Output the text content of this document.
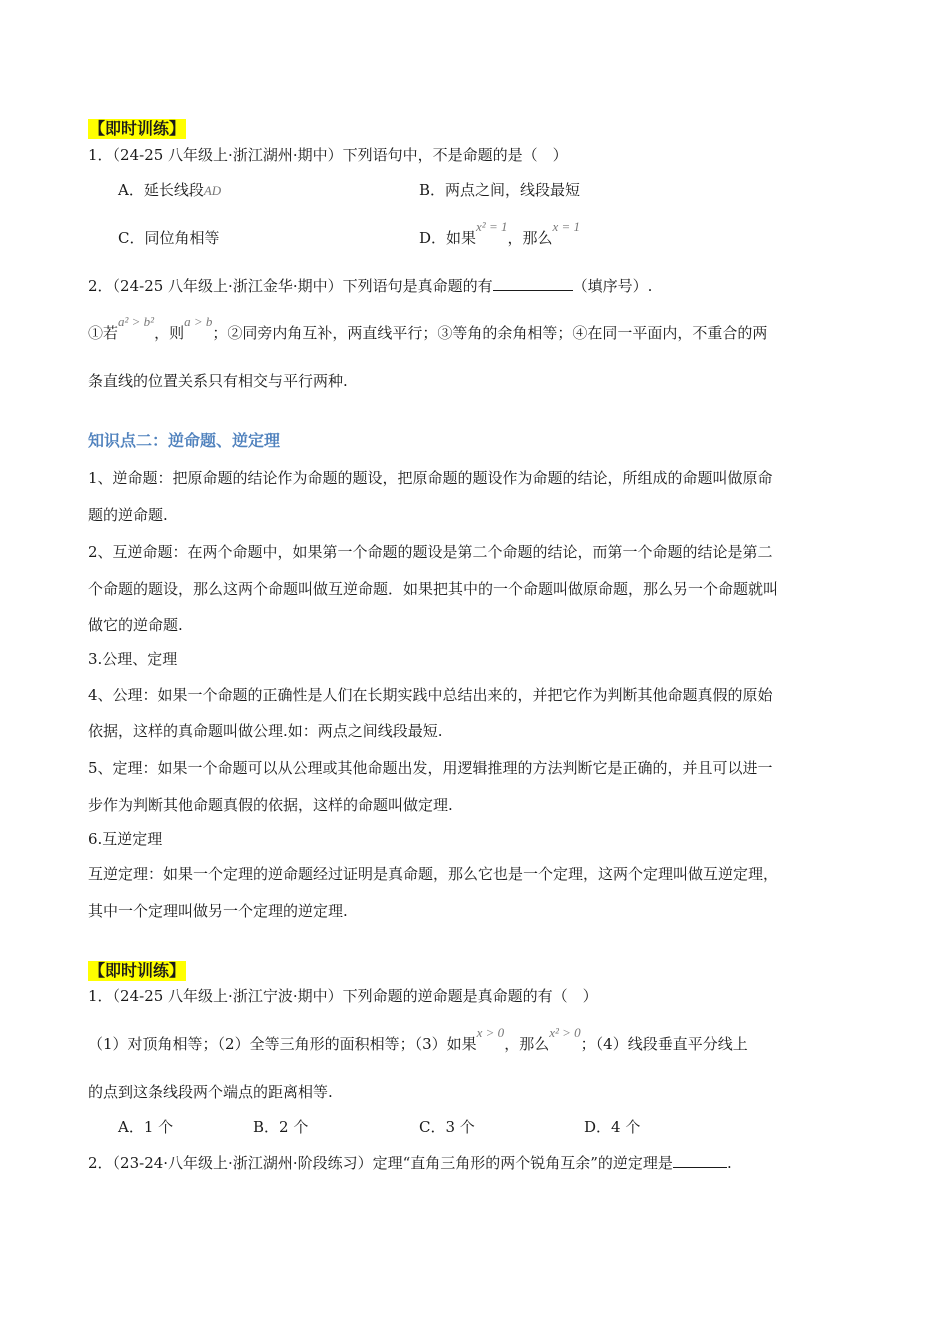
【即时训练】
1．（24-25 八年级上·浙江湖州·期中）下列语句中，不是命题的是（　）
A．延长线段AD	B．两点之间，线段最短
C．同位角相等	D．如果x² = 1，那么x = 1
2．（24-25 八年级上·浙江金华·期中）下列语句是真命题的有	（填序号）.
①若a² > b²，则a > b；②同旁内角互补，两直线平行；③等角的余角相等；④在同一平面内，不重合的两
条直线的位置关系只有相交与平行两种.
知识点二：逆命题、逆定理
1、逆命题：把原命题的结论作为命题的题设，把原命题的题设作为命题的结论，所组成的命题叫做原命
题的逆命题.
2、互逆命题：在两个命题中，如果第一个命题的题设是第二个命题的结论，而第一个命题的结论是第二
个命题的题设，那么这两个命题叫做互逆命题．如果把其中的一个命题叫做原命题，那么另一个命题就叫
做它的逆命题.
3.公理、定理
4、公理：如果一个命题的正确性是人们在长期实践中总结出来的，并把它作为判断其他命题真假的原始
依据，这样的真命题叫做公理.如：两点之间线段最短.
5、定理：如果一个命题可以从公理或其他命题出发，用逻辑推理的方法判断它是正确的，并且可以进一
步作为判断其他命题真假的依据，这样的命题叫做定理.
6.互逆定理
互逆定理：如果一个定理的逆命题经过证明是真命题，那么它也是一个定理，这两个定理叫做互逆定理，
其中一个定理叫做另一个定理的逆定理.
【即时训练】
1．（24-25 八年级上·浙江宁波·期中）下列命题的逆命题是真命题的有（　）
（1）对顶角相等；（2）全等三角形的面积相等；（3）如果x > 0，那么x² > 0；（4）线段垂直平分线上
的点到这条线段两个端点的距离相等.
A．1 个	B．2 个	C．3 个	D．4 个
2．（23-24·八年级上·浙江湖州·阶段练习）定理“直角三角形的两个锐角互余”的逆定理是	.
